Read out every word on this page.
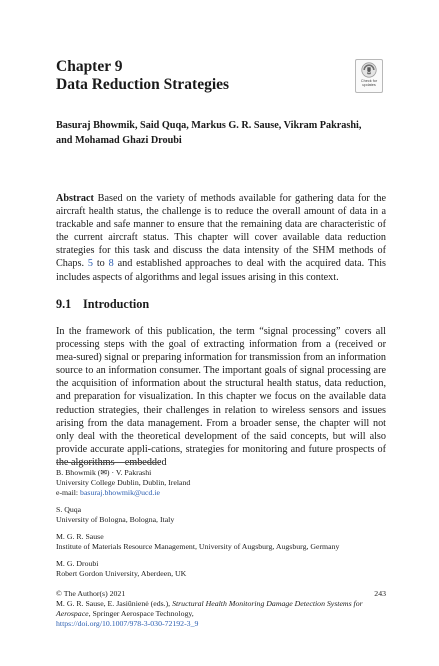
Chapter 9
Data Reduction Strategies	Check for updates
Basuraj Bhowmik, Said Quqa, Markus G. R. Sause, Vikram Pakrashi,
and Mohamad Ghazi Droubi
Abstract Based on the variety of methods available for gathering data for the aircraft health status, the challenge is to reduce the overall amount of data in a trackable and safe manner to ensure that the remaining data are characteristic of the current aircraft status. This chapter will cover available data reduction strategies for this task and discuss the data intensity of the SHM methods of Chaps. 5 to 8 and established approaches to deal with the acquired data. This includes aspects of algorithms and legal issues arising in this context.
9.1 Introduction
In the framework of this publication, the term “signal processing” covers all processing steps with the goal of extracting information from a (received or mea-sured) signal or preparing information for transmission from an information source to an information consumer. The important goals of signal processing are the acquisition of information about the structural health status, data reduction, and preparation for visualization. In this chapter we focus on the available data reduction strategies, their challenges in relation to wireless sensors and issues arising from the data management. From a broader sense, the chapter will not only deal with the theoretical development of the said concepts, but will also provide accurate appli-cations, strategies for monitoring and future prospects of the algorithms—embedded
B. Bhowmik (✉) · V. Pakrashi
University College Dublin, Dublin, Ireland
e-mail: basuraj.bhowmik@ucd.ie
S. Quqa
University of Bologna, Bologna, Italy
M. G. R. Sause
Institute of Materials Resource Management, University of Augsburg, Augsburg, Germany
M. G. Droubi
Robert Gordon University, Aberdeen, UK
© The Author(s) 2021	243
M. G. R. Sause, E. Jasiūnienė (eds.), Structural Health Monitoring Damage Detection Systems for Aerospace, Springer Aerospace Technology,
https://doi.org/10.1007/978-3-030-72192-3_9
